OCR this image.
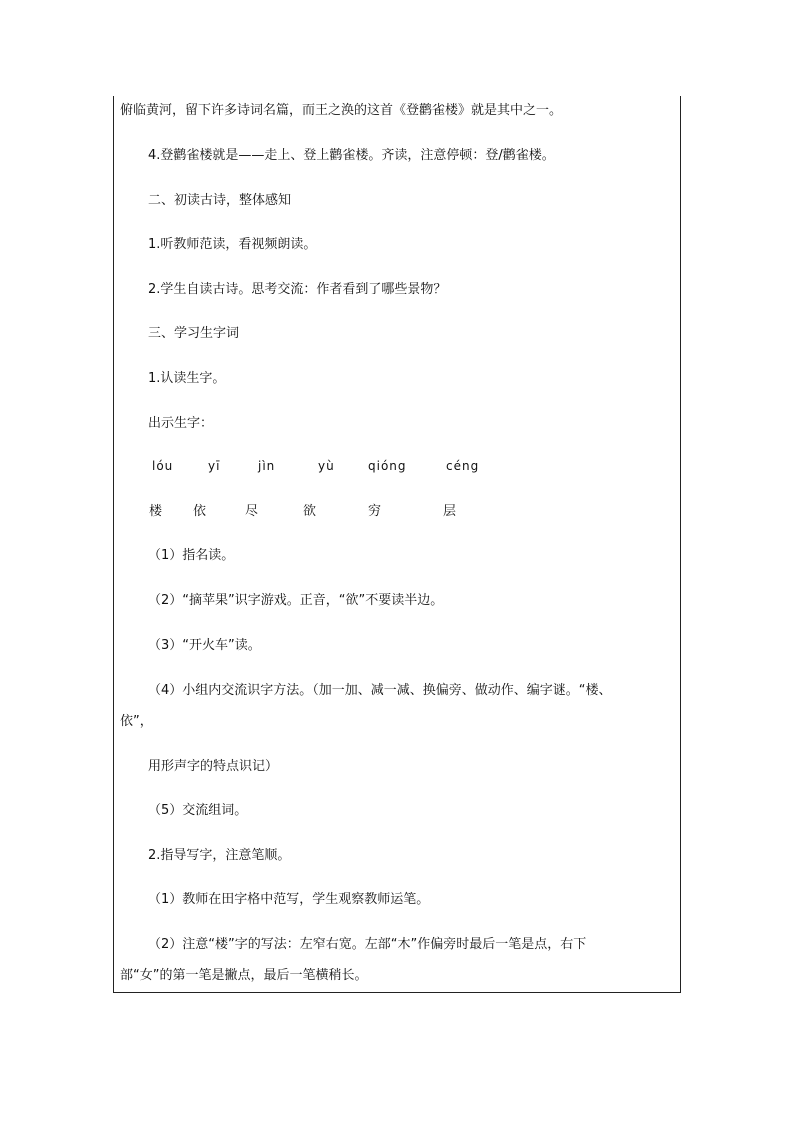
俯临黄河，留下许多诗词名篇，而王之涣的这首《登鹳雀楼》就是其中之一。
4.登鹳雀楼就是——走上、登上鹳雀楼。齐读，注意停顿：登/鹳雀楼。
二、初读古诗，整体感知
1.听教师范读，看视频朗读。
2.学生自读古诗。思考交流：作者看到了哪些景物？
三、学习生字词
1.认读生字。
出示生字：
lóu	yī	jìn	yù	qióng	céng
楼 依	尽	欲	穷	层
（1）指名读。
（2）“摘苹果”识字游戏。正音，“欲”不要读半边。
（3）“开火车”读。
（4）小组内交流识字方法。（加一加、减一减、换偏旁、做动作、编字谜。“楼、
依”，
用形声字的特点识记）
（5）交流组词。
2.指导写字，注意笔顺。
（1）教师在田字格中范写，学生观察教师运笔。
（2）注意“楼”字的写法：左窄右宽。左部“木”作偏旁时最后一笔是点，右下
部“女”的第一笔是撇点，最后一笔横稍长。
